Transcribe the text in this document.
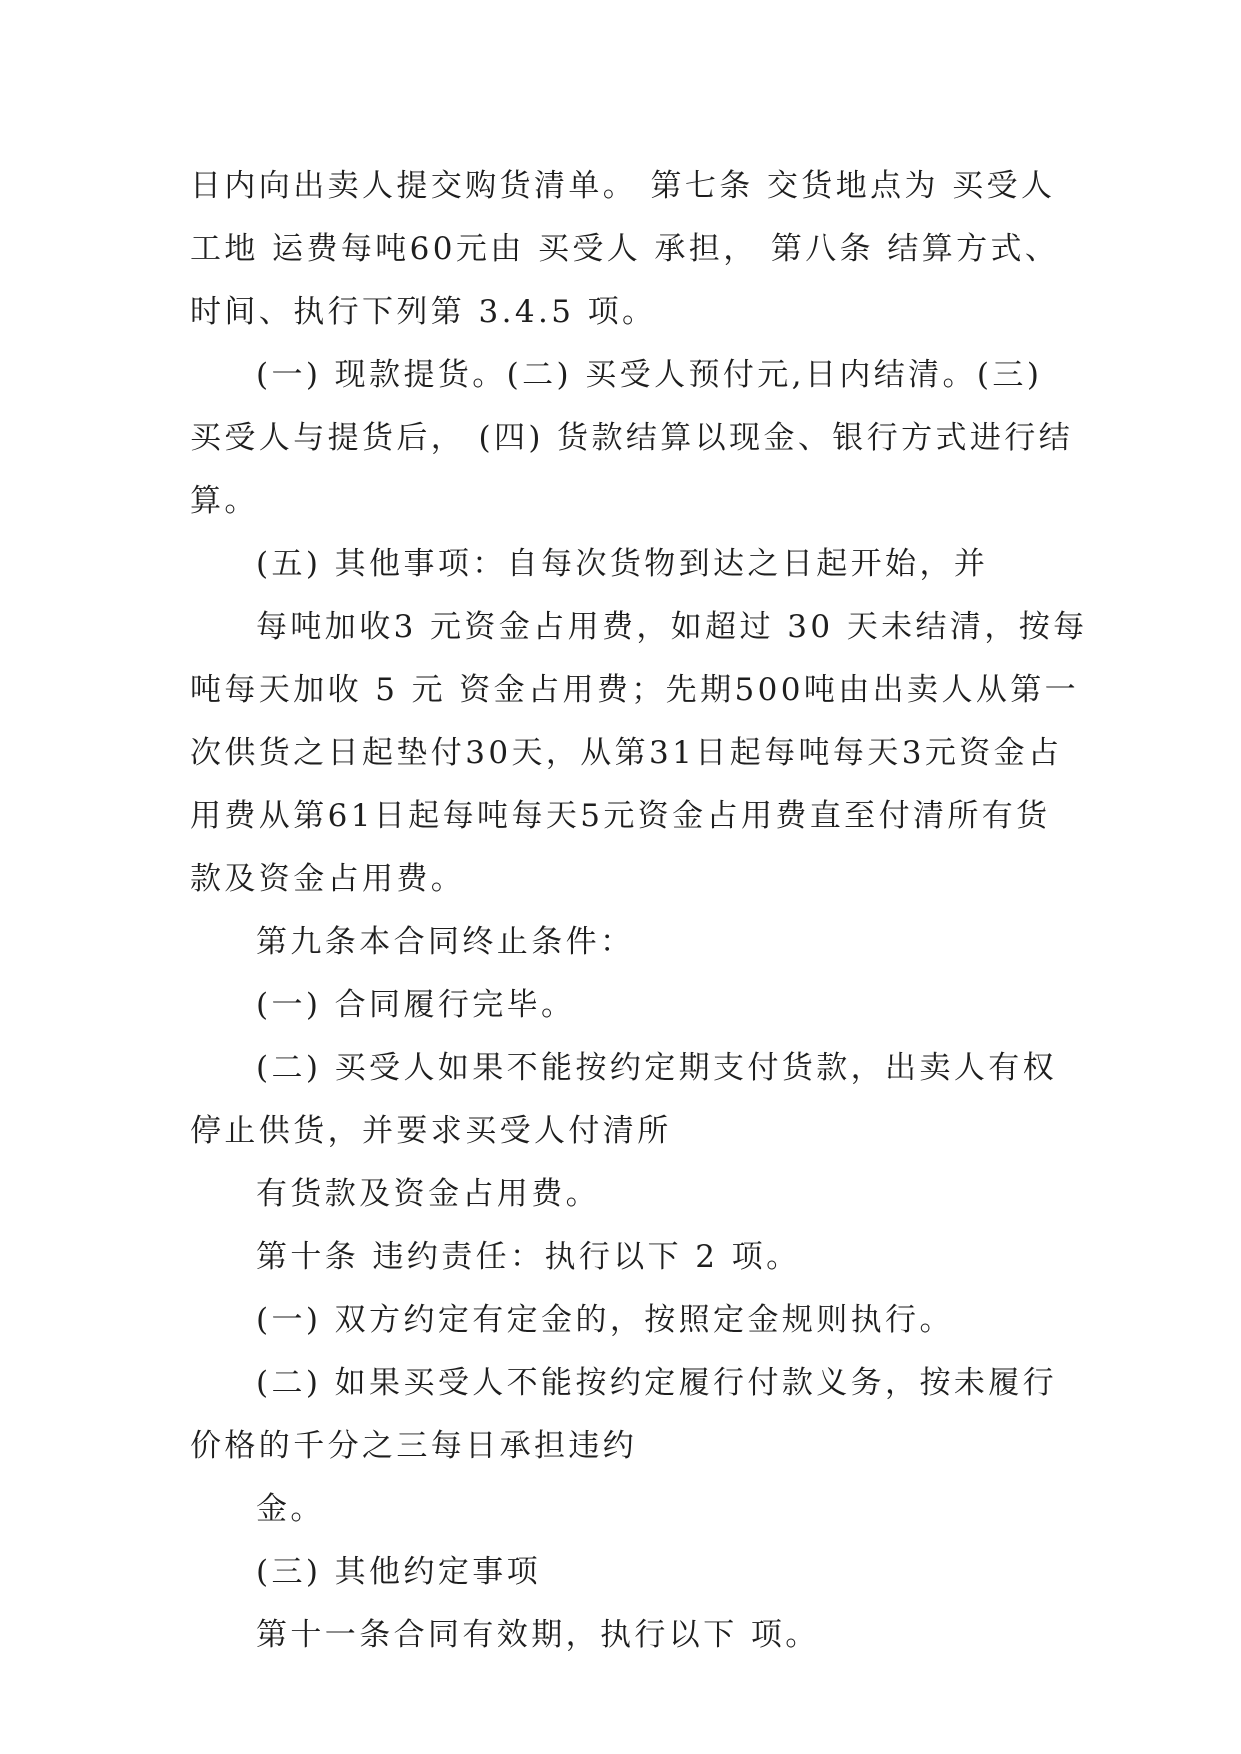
日内向出卖人提交购货清单。 第七条 交货地点为 买受人
工地 运费每吨60元由 买受人 承担， 第八条 结算方式、
时间、执行下列第 3.4.5 项。
(一) 现款提货。(二) 买受人预付元,日内结清。(三)
买受人与提货后， (四) 货款结算以现金、银行方式进行结
算。
(五) 其他事项：自每次货物到达之日起开始，并
每吨加收3 元资金占用费，如超过 30 天未结清，按每
吨每天加收 5 元 资金占用费；先期500吨由出卖人从第一
次供货之日起垫付30天，从第31日起每吨每天3元资金占
用费从第61日起每吨每天5元资金占用费直至付清所有货
款及资金占用费。
第九条本合同终止条件：
(一) 合同履行完毕。
(二) 买受人如果不能按约定期支付货款，出卖人有权
停止供货，并要求买受人付清所
有货款及资金占用费。
第十条 违约责任：执行以下 2 项。
(一) 双方约定有定金的，按照定金规则执行。
(二) 如果买受人不能按约定履行付款义务，按未履行
价格的千分之三每日承担违约
金。
(三) 其他约定事项
第十一条合同有效期，执行以下 项。
